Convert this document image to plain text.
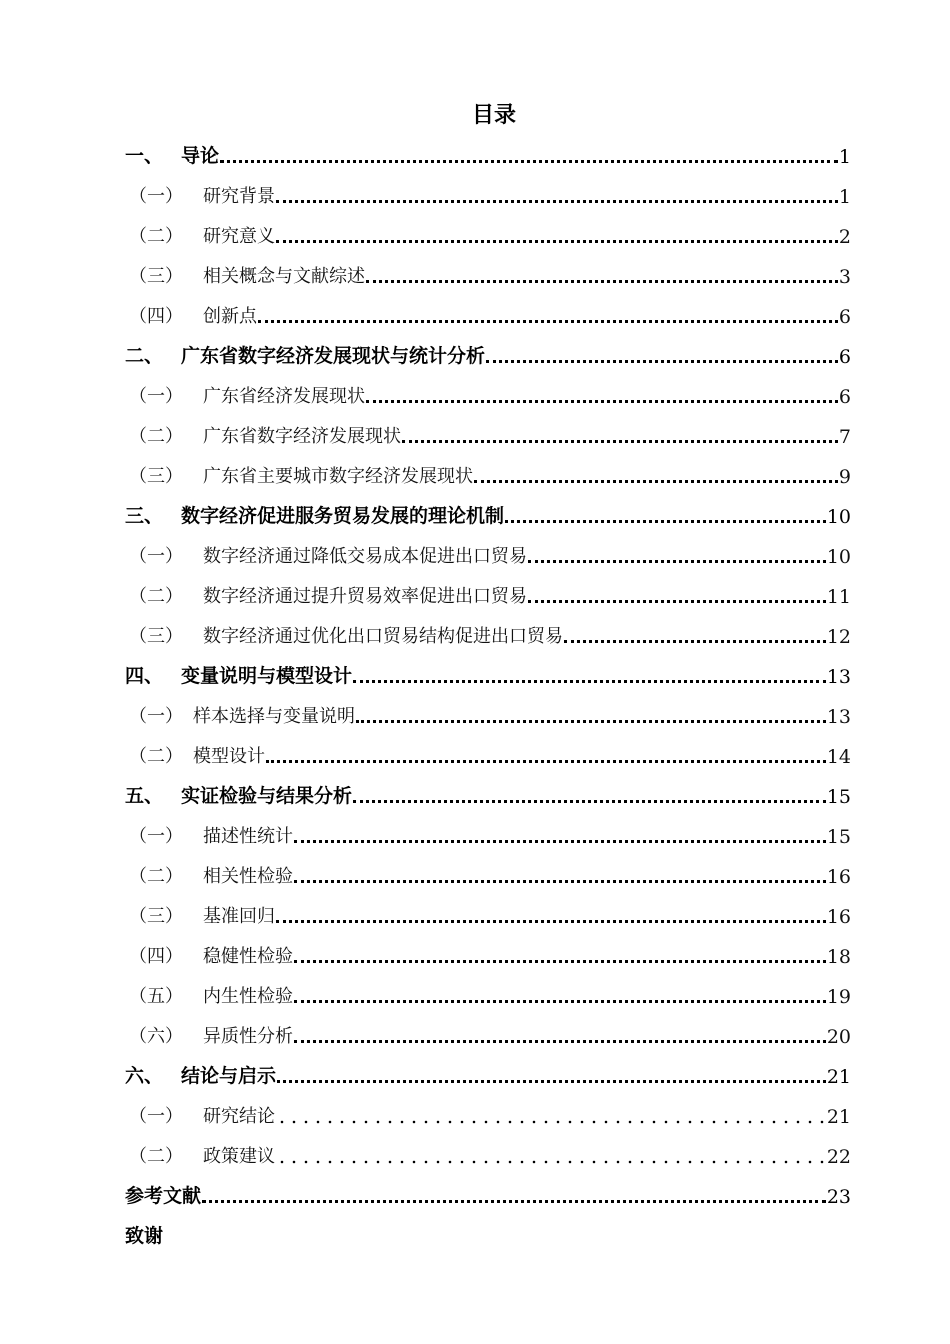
目录
一、 导论	1
（一）	研究背景	1
（二）	研究意义	2
（三）	相关概念与文献综述	3
（四）	创新点	6
二、 广东省数字经济发展现状与统计分析	6
（一）	广东省经济发展现状	6
（二）	广东省数字经济发展现状	7
（三）	广东省主要城市数字经济发展现状	9
三、 数字经济促进服务贸易发展的理论机制	10
（一）	数字经济通过降低交易成本促进出口贸易	10
（二）	数字经济通过提升贸易效率促进出口贸易	11
（三）	数字经济通过优化出口贸易结构促进出口贸易	12
四、 变量说明与模型设计	13
（一） 样本选择与变量说明	13
（二） 模型设计	14
五、 实证检验与结果分析	15
（一）	描述性统计	15
（二）	相关性检验	16
（三）	基准回归	16
（四）	稳健性检验	18
（五）	内生性检验	19
（六）	异质性分析	20
六、 结论与启示	21
（一）	研究结论	21
（二）	政策建议	22
参考文献	23
致谢
